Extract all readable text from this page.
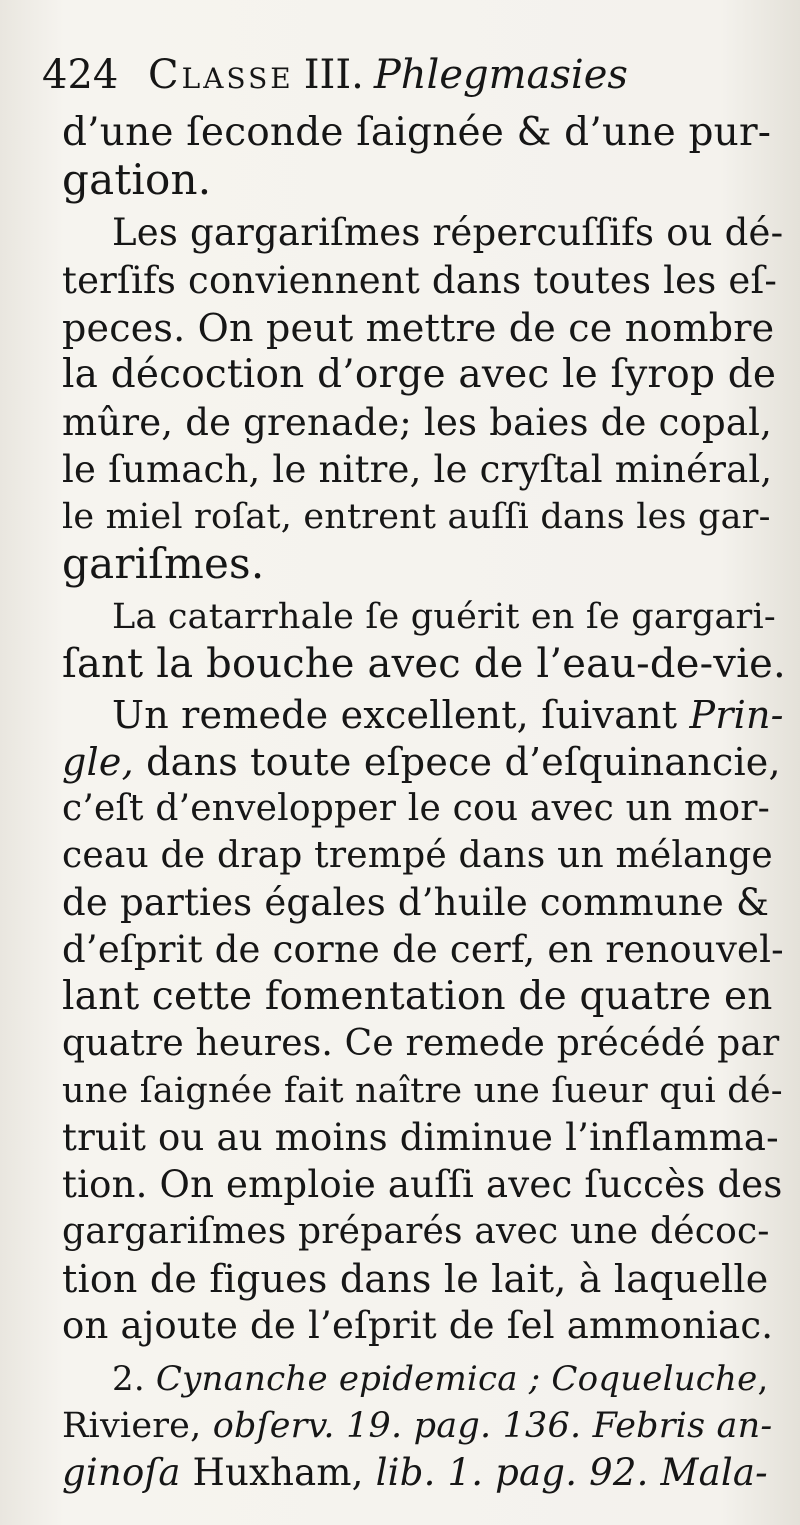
424 Classe III. Phlegmasies
d’une ſeconde ſaignée & d’une pur-
gation.
Les gargariſmes répercuſſifs ou dé-
terſifs conviennent dans toutes les eſ-
peces. On peut mettre de ce nombre
la décoction d’orge avec le ſyrop de
mûre, de grenade; les baies de copal,
le ſumach, le nitre, le cryſtal minéral,
le miel roſat, entrent auſſi dans les gar-
gariſmes.
La catarrhale ſe guérit en ſe gargari-
ſant la bouche avec de l’eau-de-vie.
Un remede excellent, ſuivant Prin-
gle, dans toute eſpece d’eſquinancie,
c’eſt d’envelopper le cou avec un mor-
ceau de drap trempé dans un mélange
de parties égales d’huile commune &
d’eſprit de corne de cerf, en renouvel-
lant cette fomentation de quatre en
quatre heures. Ce remede précédé par
une ſaignée fait naître une ſueur qui dé-
truit ou au moins diminue l’inflamma-
tion. On emploie auſſi avec ſuccès des
gargariſmes préparés avec une décoc-
tion de figues dans le lait, à laquelle
on ajoute de l’eſprit de ſel ammoniac.
2. Cynanche epidemica ; Coqueluche,
Riviere, obſerv. 19. pag. 136. Febris an-
ginoſa Huxham, lib. 1. pag. 92. Mala-
